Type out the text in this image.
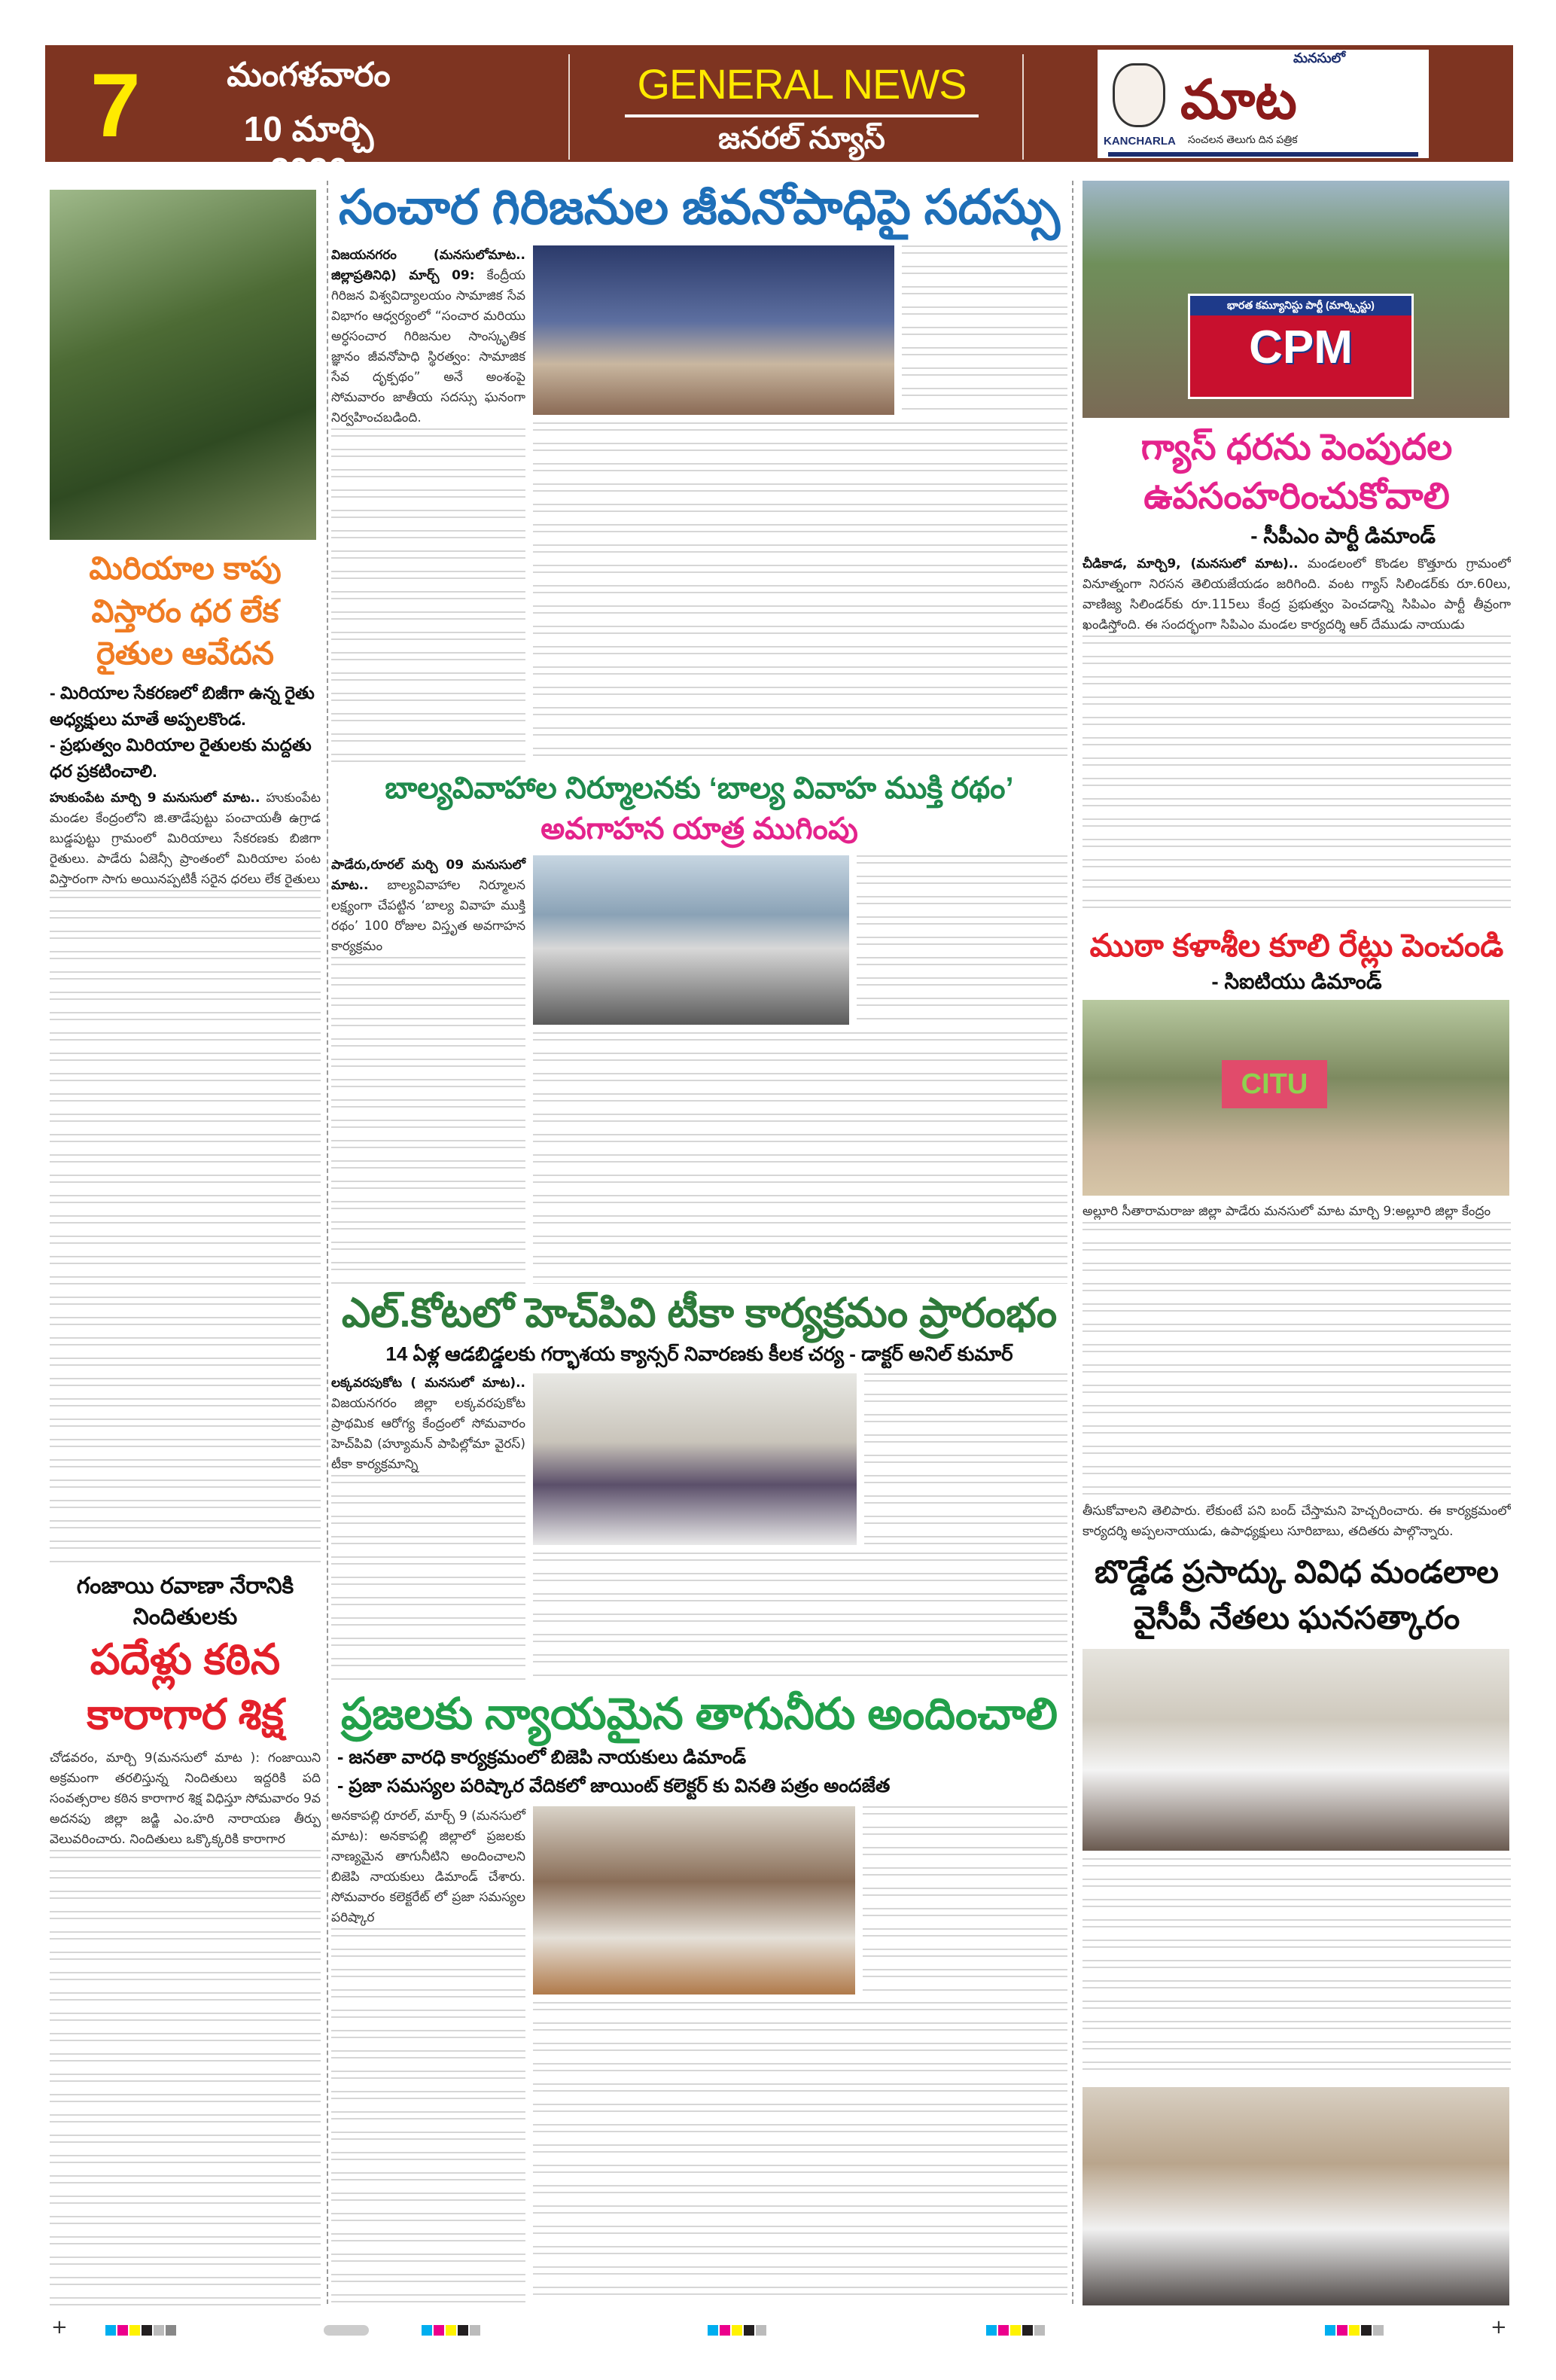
7	మంగళవారం
10 మార్చి 2026
GENERAL NEWS
జనరల్ న్యూస్
మనసులో
మాట
KANCHARLA సంచలన తెలుగు దిన పత్రిక
మిరియాల కాపు విస్తారం ధర లేక రైతుల ఆవేదన
- మిరియాల సేకరణలో బిజీగా ఉన్న రైతు అధ్యక్షులు మాతే అప్పలకొండ.
- ప్రభుత్వం మిరియాల రైతులకు మద్దతు ధర ప్రకటించాలి.
హుకుంపేట మార్చి 9 మనుసులో మాట.. హుకుంపేట మండల కేంద్రంలోని జి.తాడేపుట్టు పంచాయతీ ఉగ్రాడ బుడ్డపుట్టు గ్రామంలో మిరియాలు సేకరణకు బిజిగా రైతులు. పాడేరు ఏజెన్సీ ప్రాంతంలో మిరియాల పంట విస్తారంగా సాగు అయినప్పటికీ సరైన ధరలు లేక రైతులు
గంజాయి రవాణా నేరానికి నిందితులకు
పదేళ్లు కఠిన కారాగార శిక్ష
చోడవరం, మార్చి 9(మనసులో మాట ): గంజాయిని అక్రమంగా తరలిస్తున్న నిందితులు ఇద్దరికి పది సంవత్సరాల కఠిన కారాగార శిక్ష విధిస్తూ సోమవారం 9వ అదనపు జిల్లా జడ్జి ఎం.హరి నారాయణ తీర్పు వెలువరించారు. నిందితులు ఒక్కొక్కరికి కారాగార
సంచార గిరిజనుల జీవనోపాధిపై సదస్సు
విజయనగరం (మనసులోమాట.. జిల్లాప్రతినిధి) మార్చ్ 09: కేంద్రీయ గిరిజన విశ్వవిద్యాలయం సామాజిక సేవ విభాగం ఆధ్వర్యంలో “సంచార మరియు అర్ధసంచార గిరిజనుల సాంస్కృతిక జ్ఞానం జీవనోపాధి స్థిరత్వం: సామాజిక సేవ దృక్పథం” అనే అంశంపై సోమవారం జాతీయ సదస్సు ఘనంగా నిర్వహించబడింది.
బాల్యవివాహాల నిర్మూలనకు ‘బాల్య వివాహ ముక్తి రథం’
అవగాహన యాత్ర ముగింపు
పాడేరు,రూరల్ మర్చి 09 మనుసులో మాట.. బాల్యవివాహాల నిర్మూలన లక్ష్యంగా చేపట్టిన ‘బాల్య వివాహ ముక్తి రథం’ 100 రోజుల విస్తృత అవగాహన కార్యక్రమం
ఎల్.కోటలో హెచ్‌పివి టీకా కార్యక్రమం ప్రారంభం
14 ఏళ్ల ఆడబిడ్డలకు గర్భాశయ క్యాన్సర్ నివారణకు కీలక చర్య - డాక్టర్ అనిల్ కుమార్
లక్కవరపుకోట ( మనసులో మాట).. విజయనగరం జిల్లా లక్కవరపుకోట ప్రాథమిక ఆరోగ్య కేంద్రంలో సోమవారం హెచ్‌పివి (హ్యూమన్ పాపిల్లోమా వైరస్) టీకా కార్యక్రమాన్ని
ప్రజలకు న్యాయమైన తాగునీరు అందించాలి
- జనతా వారధి కార్యక్రమంలో బిజెపి నాయకులు డిమాండ్
- ప్రజా సమస్యల పరిష్కార వేదికలో జాయింట్ కలెక్టర్ కు వినతి పత్రం అందజేత
అనకాపల్లి రూరల్, మార్చ్ 9 (మనసులో మాట): అనకాపల్లి జిల్లాలో ప్రజలకు నాణ్యమైన తాగునీటిని అందించాలని బిజెపి నాయకులు డిమాండ్ చేశారు. సోమవారం కలెక్టరేట్ లో ప్రజా సమస్యల పరిష్కార
భారత కమ్యూనిస్టు పార్టీ (మార్క్సిస్టు)
CPM
గ్యాస్ ధరను పెంపుదల ఉపసంహరించుకోవాలి
- సీపీఎం పార్టీ డిమాండ్
చీడికాడ, మార్చి9, (మనసులో మాట).. మండలంలో కొండల కొత్తూరు గ్రామంలో వినూత్నంగా నిరసన తెలియజేయడం జరిగింది. వంట గ్యాస్ సిలిండర్‌కు రూ.60లు, వాణిజ్య సిలిండర్‌కు రూ.115లు కేంద్ర ప్రభుత్వం పెంచడాన్ని సిపిఎం పార్టీ తీవ్రంగా ఖండిస్తోంది. ఈ సందర్భంగా సిపిఎం మండల కార్యదర్శి ఆర్ దేముడు నాయుడు
ముఠా కళాశీల కూలి రేట్లు పెంచండి
- సిఐటియు డిమాండ్
CITU
అల్లూరి సీతారామరాజు జిల్లా పాడేరు మనసులో మాట మార్చి 9:అల్లూరి జిల్లా కేంద్రం
తీసుకోవాలని తెలిపారు. లేకుంటే పని బంద్ చేస్తామని హెచ్చరించారు. ఈ కార్యక్రమంలో కార్యదర్శి అప్పలనాయుడు, ఉపాధ్యక్షులు సూరిబాబు, తదితరు పాల్గొన్నారు.
బొడ్డేడ ప్రసాద్కు వివిధ మండలాల వైసీపీ నేతలు ఘనసత్కారం
+	+
